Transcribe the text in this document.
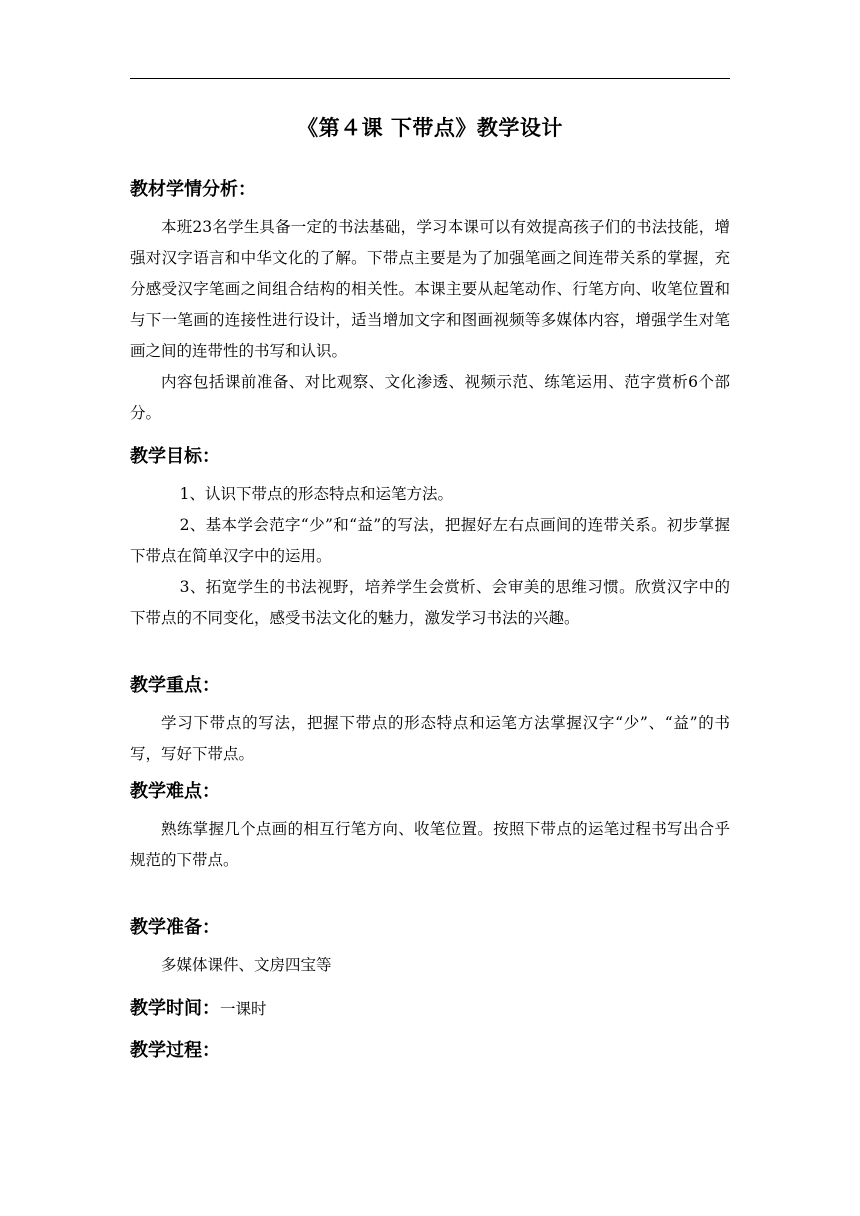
《第４课 下带点》教学设计
教材学情分析：

本班23名学生具备一定的书法基础，学习本课可以有效提高孩子们的书法技能，增强对汉字语言和中华文化的了解。下带点主要是为了加强笔画之间连带关系的掌握，充分感受汉字笔画之间组合结构的相关性。本课主要从起笔动作、行笔方向、收笔位置和与下一笔画的连接性进行设计，适当增加文字和图画视频等多媒体内容，增强学生对笔画之间的连带性的书写和认识。

内容包括课前准备、对比观察、文化渗透、视频示范、练笔运用、范字赏析6个部分。

教学目标：

1、认识下带点的形态特点和运笔方法。

2、基本学会范字“少”和“益”的写法，把握好左右点画间的连带关系。初步掌握下带点在简单汉字中的运用。

3、拓宽学生的书法视野，培养学生会赏析、会审美的思维习惯。欣赏汉字中的下带点的不同变化，感受书法文化的魅力，激发学习书法的兴趣。

教学重点：

学习下带点的写法，把握下带点的形态特点和运笔方法掌握汉字“少”、“益”的书写，写好下带点。

教学难点：

熟练掌握几个点画的相互行笔方向、收笔位置。按照下带点的运笔过程书写出合乎规范的下带点。

教学准备：

多媒体课件、文房四宝等

教学时间：一课时
教学过程：
